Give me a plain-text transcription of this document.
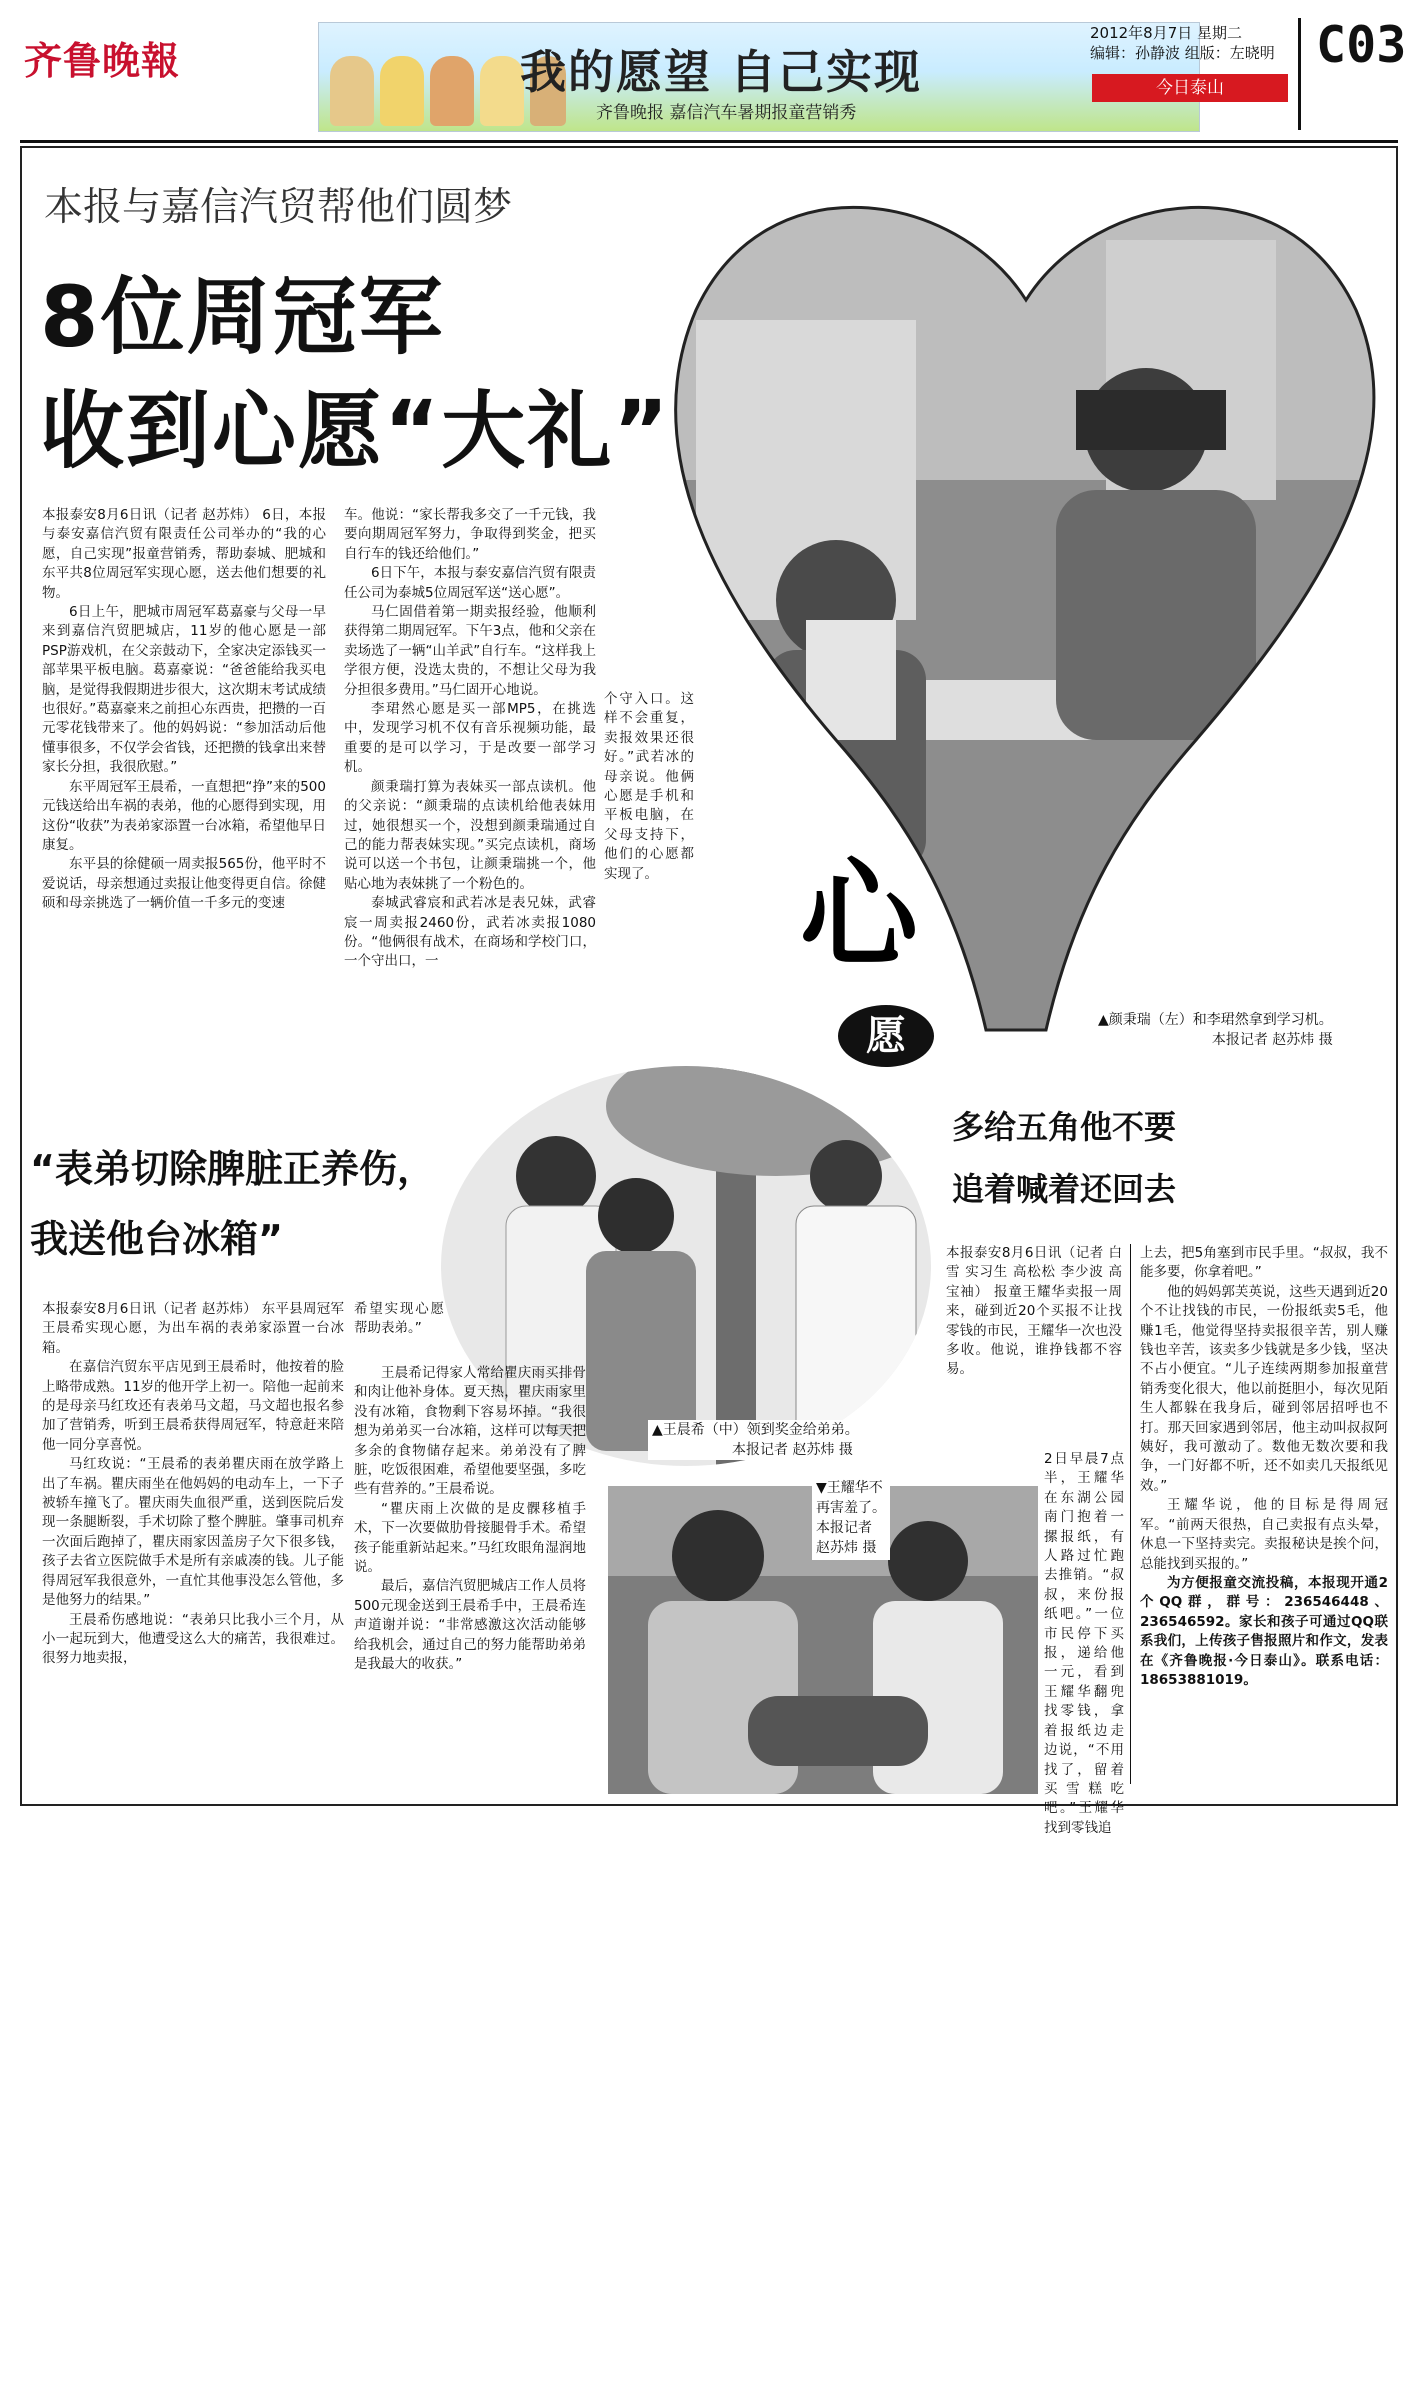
齐鲁晚報	我的愿望 自己实现
齐鲁晚报 嘉信汽车暑期报童营销秀
2012年8月7日 星期二
编辑：孙静波 组版：左晓明
今日泰山
C03
本报与嘉信汽贸帮他们圆梦
8位周冠军
收到心愿“大礼”
心
愿	▲颜秉瑞（左）和李珺然拿到学习机。
本报记者 赵苏炜 摄

本报泰安8月6日讯（记者 赵苏炜） 6日，本报与泰安嘉信汽贸有限责任公司举办的“我的心愿，自己实现”报童营销秀，帮助泰城、肥城和东平共8位周冠军实现心愿，送去他们想要的礼物。

6日上午，肥城市周冠军葛嘉豪与父母一早来到嘉信汽贸肥城店，11岁的他心愿是一部PSP游戏机，在父亲鼓动下，全家决定添钱买一部苹果平板电脑。葛嘉豪说：“爸爸能给我买电脑，是觉得我假期进步很大，这次期末考试成绩也很好。”葛嘉豪来之前担心东西贵，把攒的一百元零花钱带来了。他的妈妈说：“参加活动后他懂事很多，不仅学会省钱，还把攒的钱拿出来替家长分担，我很欣慰。”

东平周冠军王晨希，一直想把“挣”来的500元钱送给出车祸的表弟，他的心愿得到实现，用这份“收获”为表弟家添置一台冰箱，希望他早日康复。

东平县的徐健硕一周卖报565份，他平时不爱说话，母亲想通过卖报让他变得更自信。徐健硕和母亲挑选了一辆价值一千多元的变速

车。他说：“家长帮我多交了一千元钱，我要向期周冠军努力，争取得到奖金，把买自行车的钱还给他们。”

6日下午，本报与泰安嘉信汽贸有限责任公司为泰城5位周冠军送“送心愿”。

马仁固借着第一期卖报经验，他顺利获得第二期周冠军。下午3点，他和父亲在卖场选了一辆“山羊武”自行车。“这样我上学很方便，没选太贵的，不想让父母为我分担很多费用。”马仁固开心地说。

李珺然心愿是买一部MP5，在挑选中，发现学习机不仅有音乐视频功能，最重要的是可以学习，于是改要一部学习机。

颜秉瑞打算为表妹买一部点读机。他的父亲说：“颜秉瑞的点读机给他表妹用过，她很想买一个，没想到颜秉瑞通过自己的能力帮表妹实现。”买完点读机，商场说可以送一个书包，让颜秉瑞挑一个，他贴心地为表妹挑了一个粉色的。

泰城武睿宸和武若冰是表兄妹，武睿宸一周卖报2460份，武若冰卖报1080份。“他俩很有战术，在商场和学校门口，一个守出口，一

个守入口。这样不会重复，卖报效果还很好。”武若冰的母亲说。他俩心愿是手机和平板电脑，在父母支持下，他们的心愿都实现了。

“表弟切除脾脏正养伤，
我送他台冰箱”
▲王晨希（中）领到奖金给弟弟。
本报记者 赵苏炜 摄
▼王耀华不
再害羞了。
本报记者
赵苏炜 摄

本报泰安8月6日讯（记者 赵苏炜） 东平县周冠军王晨希实现心愿，为出车祸的表弟家添置一台冰箱。

在嘉信汽贸东平店见到王晨希时，他按着的脸上略带成熟。11岁的他开学上初一。陪他一起前来的是母亲马红玫还有表弟马文超，马文超也报名参加了营销秀，听到王晨希获得周冠军，特意赶来陪他一同分享喜悦。

马红玫说：“王晨希的表弟瞿庆雨在放学路上出了车祸。瞿庆雨坐在他妈妈的电动车上，一下子被轿车撞飞了。瞿庆雨失血很严重，送到医院后发现一条腿断裂，手术切除了整个脾脏。肇事司机弃一次面后跑掉了，瞿庆雨家因盖房子欠下很多钱，孩子去省立医院做手术是所有亲戚凑的钱。儿子能得周冠军我很意外，一直忙其他事没怎么管他，多是他努力的结果。”

王晨希伤感地说：“表弟只比我小三个月，从小一起玩到大，他遭受这么大的痛苦，我很难过。很努力地卖报，

希望实现心愿帮助表弟。”

王晨希记得家人常给瞿庆雨买排骨和肉让他补身体。夏天热，瞿庆雨家里没有冰箱，食物剩下容易坏掉。“我很想为弟弟买一台冰箱，这样可以每天把多余的食物储存起来。弟弟没有了脾脏，吃饭很困难，希望他要坚强，多吃些有营养的。”王晨希说。

“瞿庆雨上次做的是皮髁移植手术，下一次要做肋骨接腿骨手术。希望孩子能重新站起来。”马红玫眼角湿润地说。

最后，嘉信汽贸肥城店工作人员将500元现金送到王晨希手中，王晨希连声道谢并说：“非常感激这次活动能够给我机会，通过自己的努力能帮助弟弟是我最大的收获。”

多给五角他不要
追着喊着还回去

本报泰安8月6日讯（记者 白雪 实习生 高松松 李少波 高宝袖） 报童王耀华卖报一周来，碰到近20个买报不让找零钱的市民，王耀华一次也没多收。他说，谁挣钱都不容易。

2日早晨7点半，王耀华在东湖公园南门抱着一摞报纸，有人路过忙跑去推销。“叔叔，来份报纸吧。”一位市民停下买报，递给他一元，看到王耀华翻兜找零钱，拿着报纸边走边说，“不用找了，留着买雪糕吃吧。”王耀华找到零钱追

上去，把5角塞到市民手里。“叔叔，我不能多要，你拿着吧。”

他的妈妈郭芙英说，这些天遇到近20个不让找钱的市民，一份报纸卖5毛，他赚1毛，他觉得坚持卖报很辛苦，别人赚钱也辛苦，该卖多少钱就是多少钱，坚决不占小便宜。“儿子连续两期参加报童营销秀变化很大，他以前挺胆小，每次见陌生人都躲在我身后，碰到邻居招呼也不打。那天回家遇到邻居，他主动叫叔叔阿姨好，我可激动了。数他无数次要和我争，一门好都不听，还不如卖几天报纸见效。”

王耀华说，他的目标是得周冠军。“前两天很热，自己卖报有点头晕，休息一下坚持卖完。卖报秘诀是挨个问，总能找到买报的。”

为方便报童交流投稿，本报现开通2个QQ群，群号：236546448、236546592。家长和孩子可通过QQ联系我们，上传孩子售报照片和作文，发表在《齐鲁晚报·今日泰山》。联系电话：18653881019。
